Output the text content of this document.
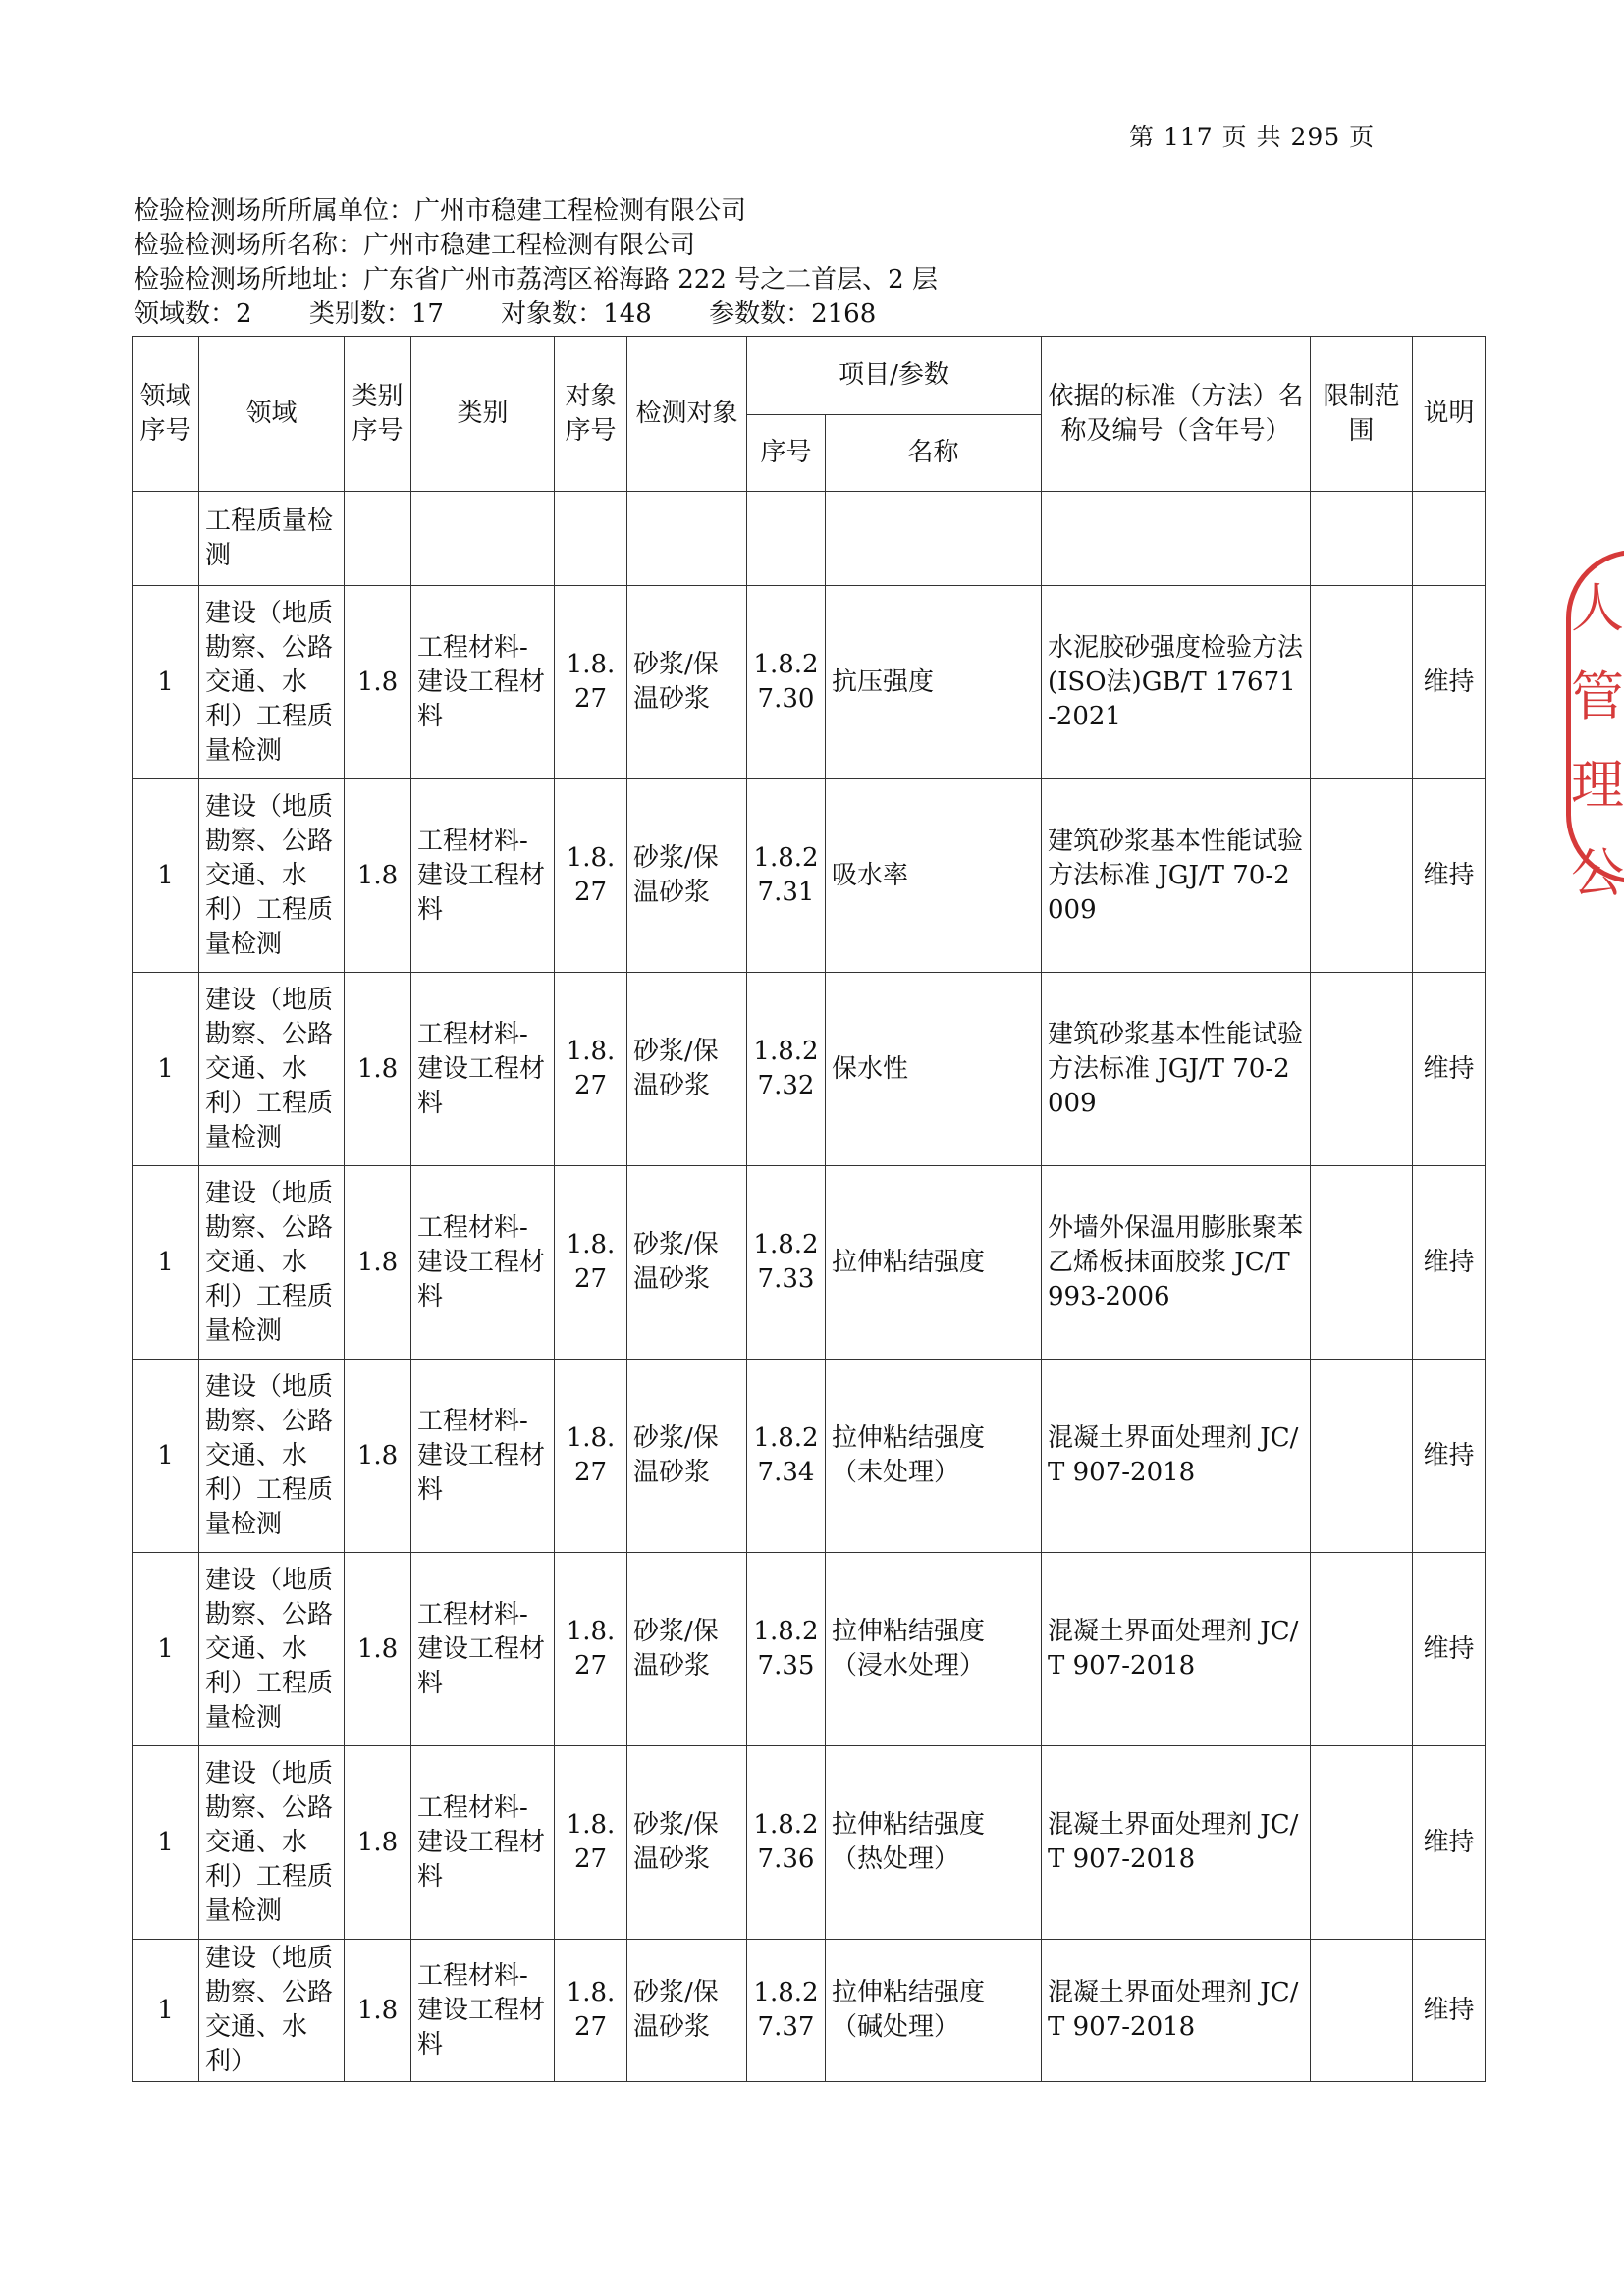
第 117 页 共 295 页
检验检测场所所属单位：广州市稳建工程检测有限公司
检验检测场所名称：广州市稳建工程检测有限公司
检验检测场所地址：广东省广州市荔湾区裕海路 222 号之二首层、2 层
领域数：2 类别数：17 对象数：148 参数数：2168
领域序号	领域	类别序号	类别	对象序号	检测对象	项目/参数		依据的标准（方法）名称及编号（含年号）	限制范围	说明
						序号	名称			
	工程质量检测									
1	建设（地质勘察、公路交通、水利）工程质量检测	1.8	工程材料-建设工程材料	1.8.27	砂浆/保温砂浆	1.8.27.30	抗压强度	水泥胶砂强度检验方法(ISO法)GB/T 17671-2021		维持
1	建设（地质勘察、公路交通、水利）工程质量检测	1.8	工程材料-建设工程材料	1.8.27	砂浆/保温砂浆	1.8.27.31	吸水率	建筑砂浆基本性能试验方法标准 JGJ/T 70-2009		维持
1	建设（地质勘察、公路交通、水利）工程质量检测	1.8	工程材料-建设工程材料	1.8.27	砂浆/保温砂浆	1.8.27.32	保水性	建筑砂浆基本性能试验方法标准 JGJ/T 70-2009		维持
1	建设（地质勘察、公路交通、水利）工程质量检测	1.8	工程材料-建设工程材料	1.8.27	砂浆/保温砂浆	1.8.27.33	拉伸粘结强度	外墙外保温用膨胀聚苯乙烯板抹面胶浆 JC/T 993-2006		维持
1	建设（地质勘察、公路交通、水利）工程质量检测	1.8	工程材料-建设工程材料	1.8.27	砂浆/保温砂浆	1.8.27.34	拉伸粘结强度（未处理）	混凝土界面处理剂 JC/T 907-2018		维持
1	建设（地质勘察、公路交通、水利）工程质量检测	1.8	工程材料-建设工程材料	1.8.27	砂浆/保温砂浆	1.8.27.35	拉伸粘结强度（浸水处理）	混凝土界面处理剂 JC/T 907-2018		维持
1	建设（地质勘察、公路交通、水利）工程质量检测	1.8	工程材料-建设工程材料	1.8.27	砂浆/保温砂浆	1.8.27.36	拉伸粘结强度（热处理）	混凝土界面处理剂 JC/T 907-2018		维持
1	建设（地质勘察、公路交通、水利）	1.8	工程材料-建设工程材料	1.8.27	砂浆/保温砂浆	1.8.27.37	拉伸粘结强度（碱处理）	混凝土界面处理剂 JC/T 907-2018		维持
人
管
理
公
